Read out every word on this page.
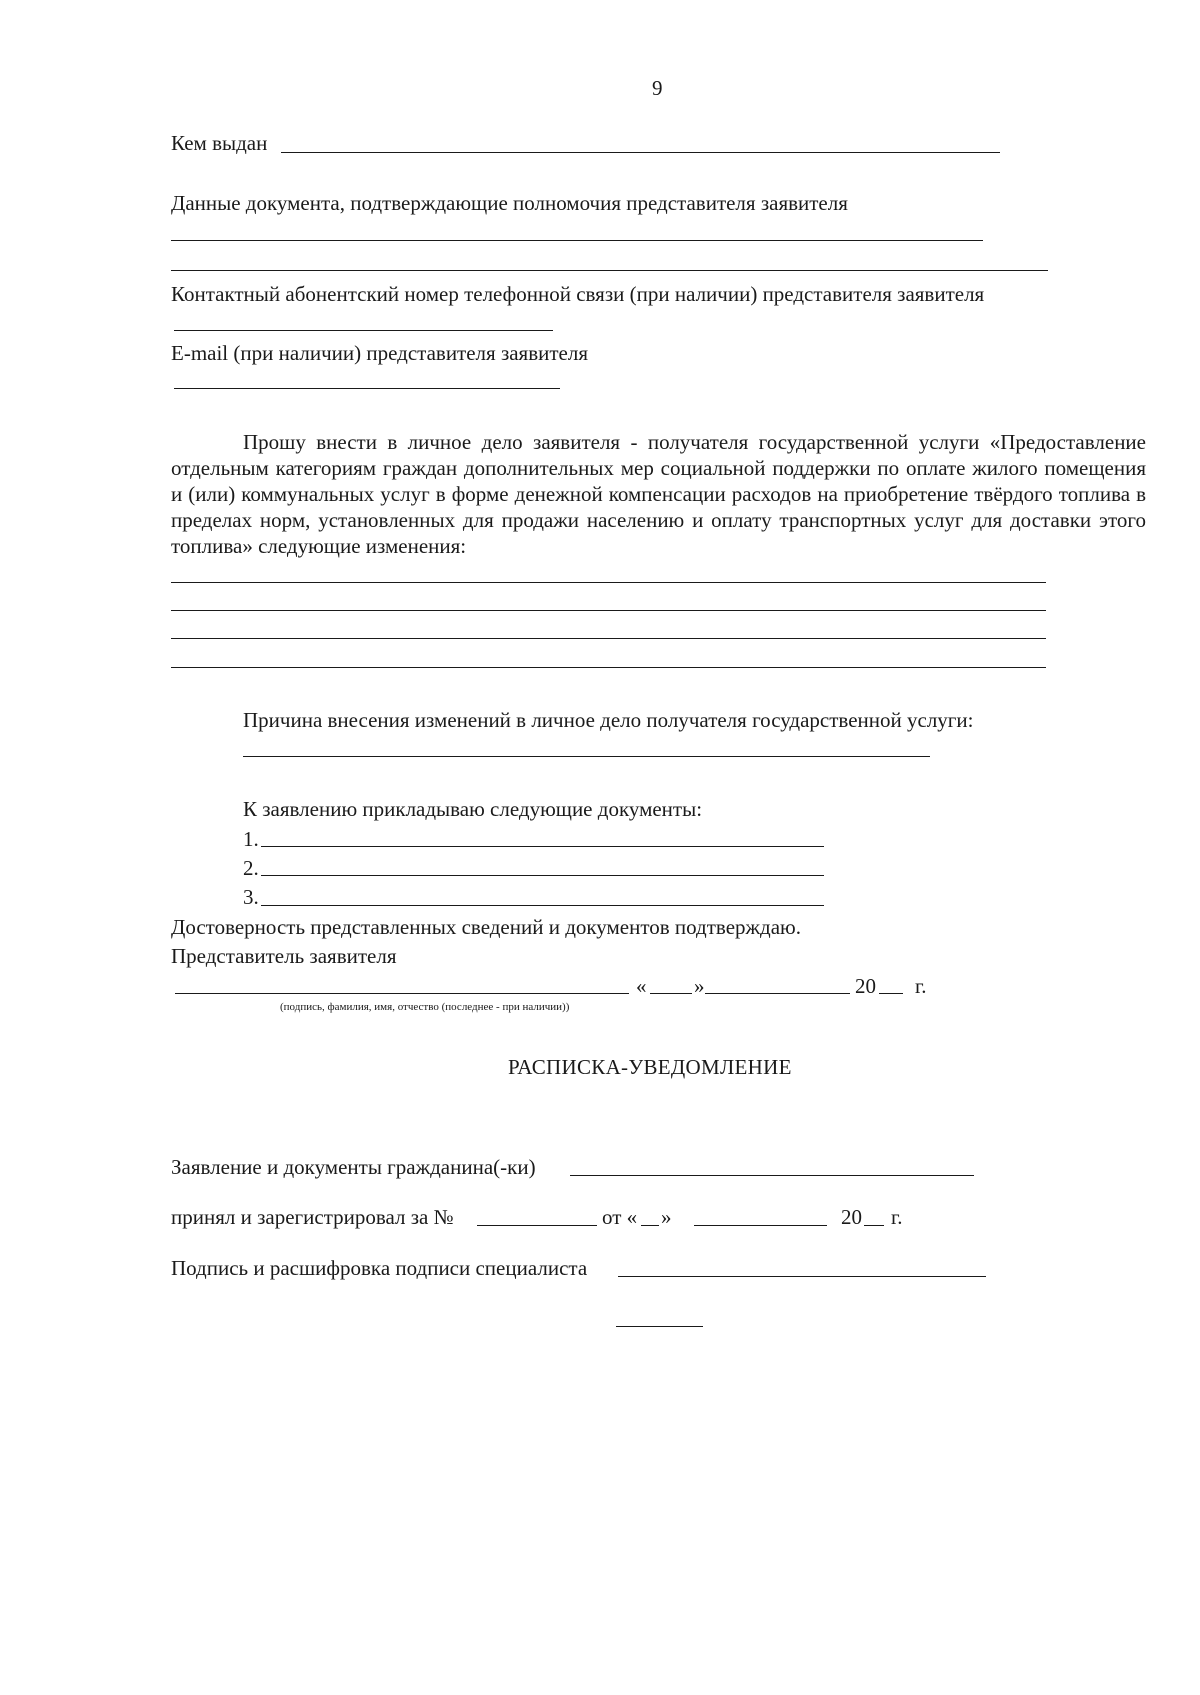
9
Кем выдан
Данные документа, подтверждающие полномочия представителя заявителя
Контактный абонентский номер телефонной связи (при наличии) представителя заявителя
E-mail (при наличии) представителя заявителя
Прошу внести в личное дело заявителя - получателя государственной услуги «Предоставление отдельным категориям граждан дополнительных мер социальной поддержки по оплате жилого помещения и (или) коммунальных услуг в форме денежной компенсации расходов на приобретение твёрдого топлива в пределах норм, установленных для продажи населению и оплату транспортных услуг для доставки этого топлива» следующие изменения:
Причина внесения изменений в личное дело получателя государственной услуги:
К заявлению прикладываю следующие документы:
1.
2.
3.
Достоверность представленных сведений и документов подтверждаю.
Представитель заявителя
« »	20 г.
(подпись, фамилия, имя, отчество (последнее - при наличии))
РАСПИСКА-УВЕДОМЛЕНИЕ
Заявление и документы гражданина(-ки)
принял и зарегистрировал за №	от « »	20 г.
Подпись и расшифровка подписи специалиста
